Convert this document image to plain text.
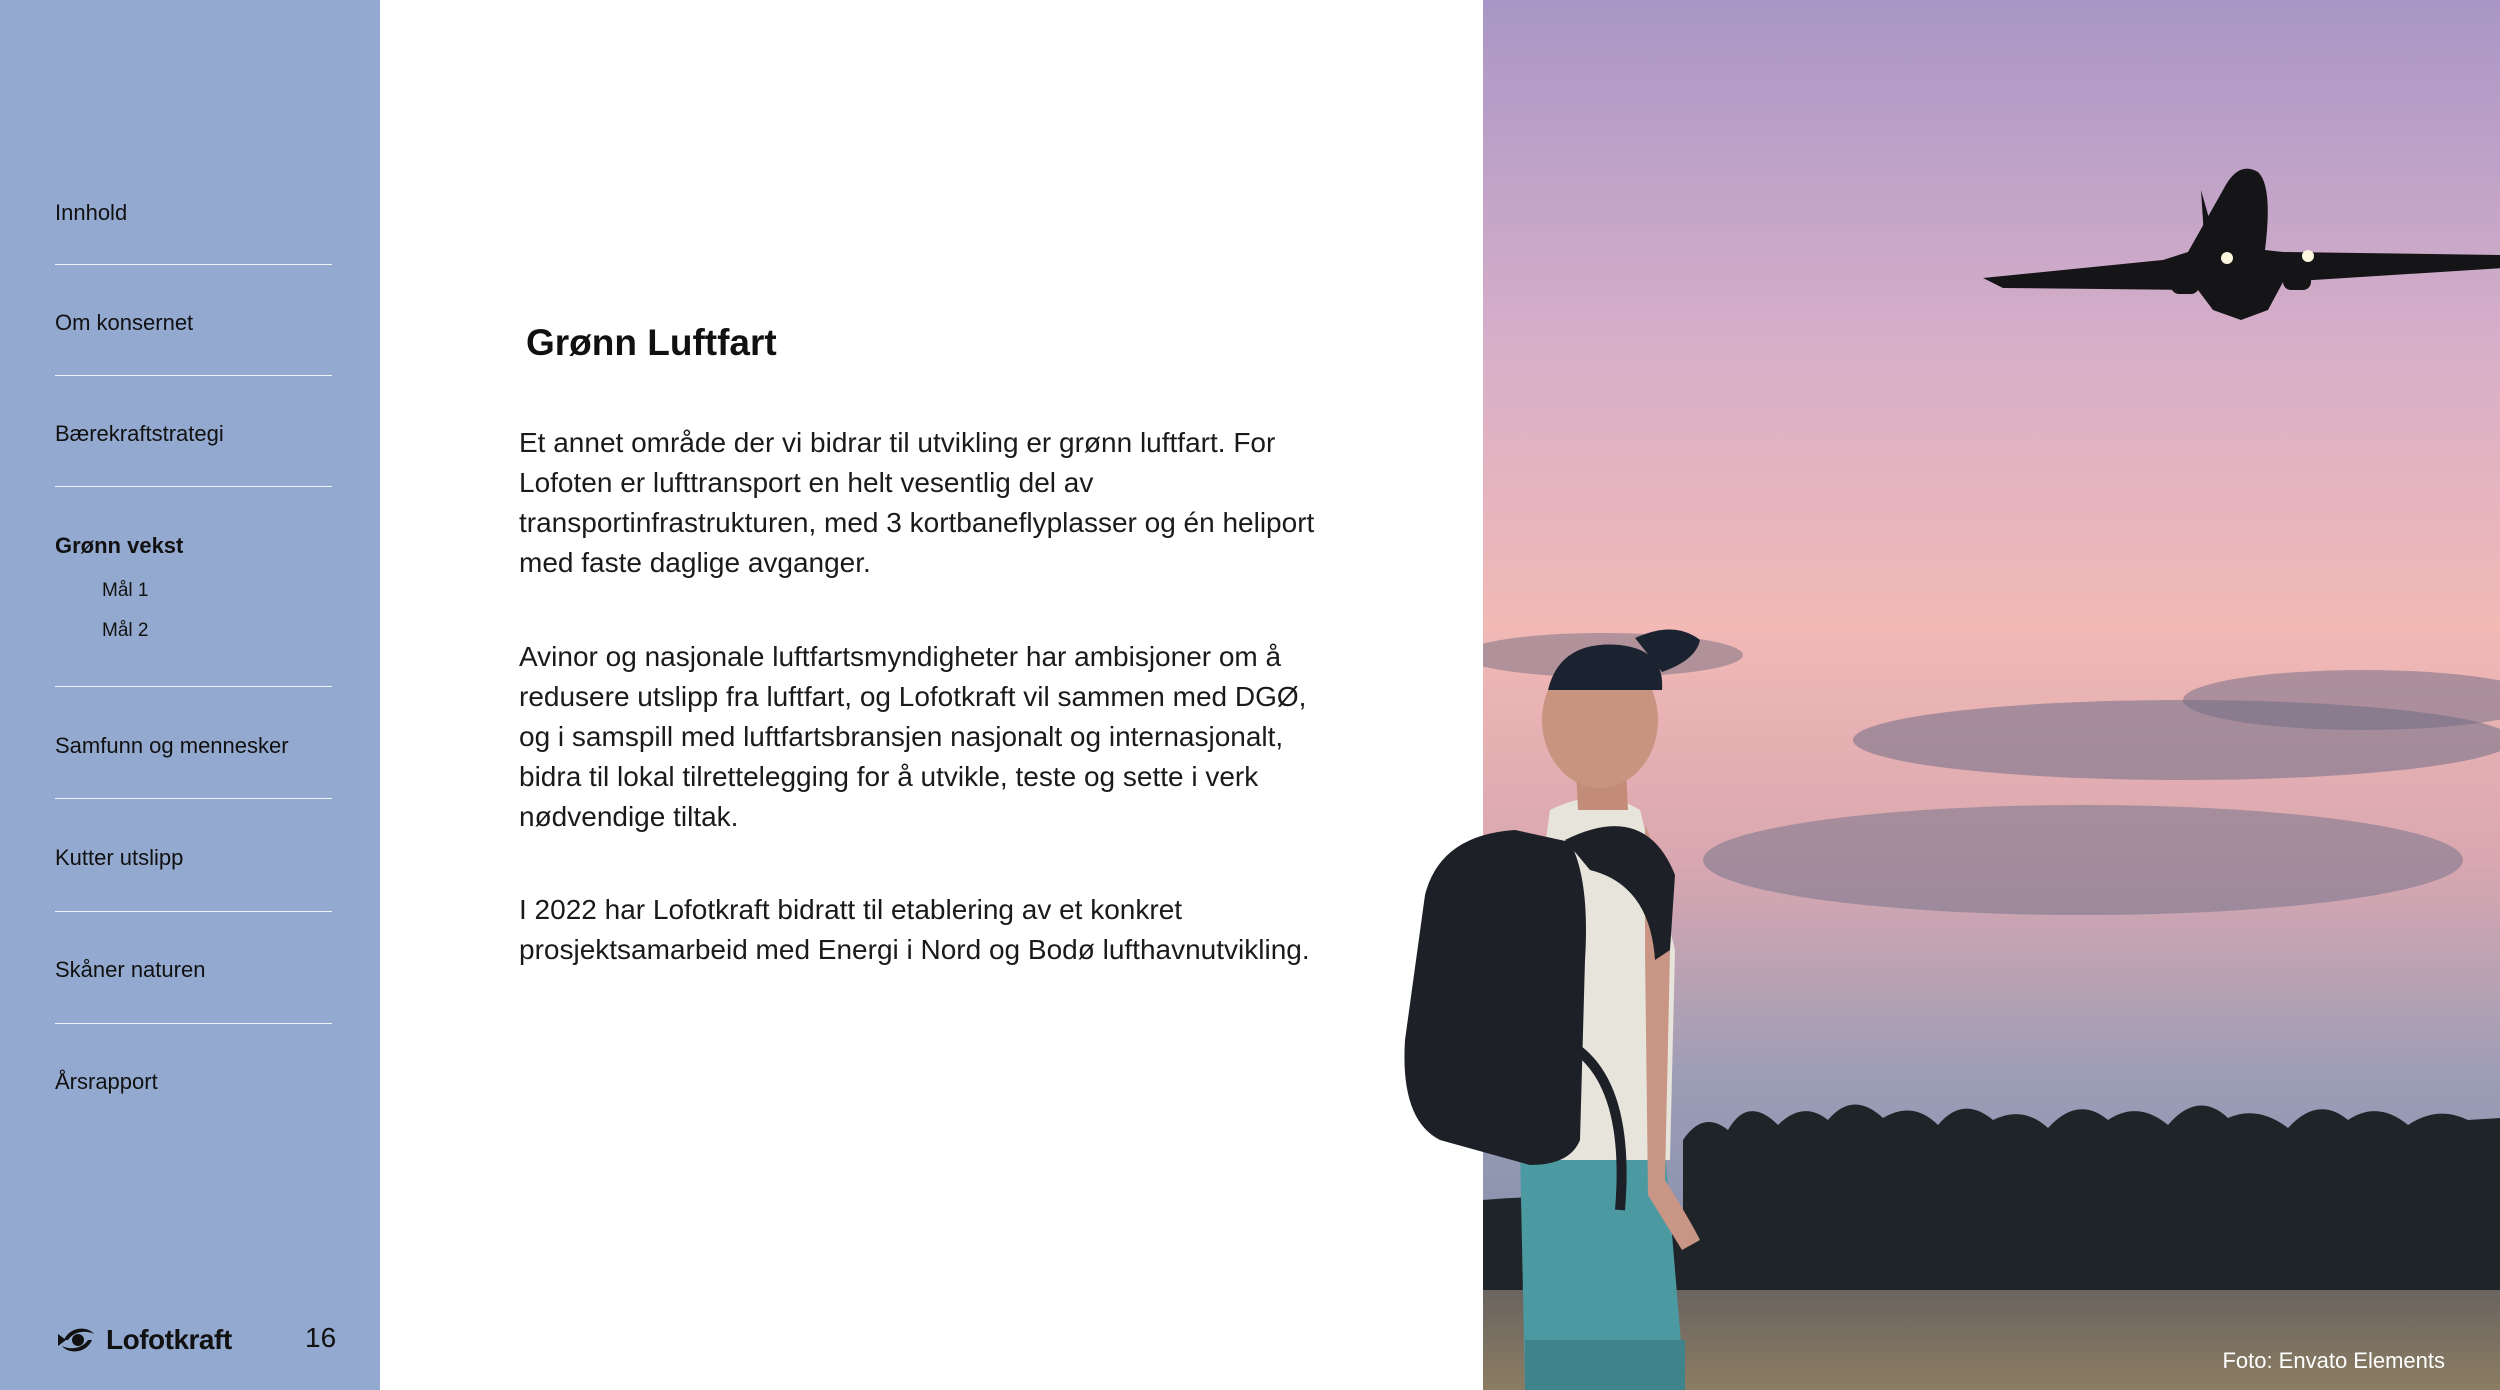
Innhold
Om konsernet
Bærekraftstrategi
Grønn vekst
Mål 1
Mål 2
Samfunn og mennesker
Kutter utslipp
Skåner naturen
Årsrapport
Lofotkraft	16
Grønn Luftfart

Et annet område der vi bidrar til utvikling er grønn luftfart. For Lofoten er lufttransport en helt vesentlig del av transportinfrastrukturen, med 3 kortbaneflyplasser og én heliport med faste daglige avganger.

Avinor og nasjonale luftfartsmyndigheter har ambisjoner om å redusere utslipp fra luftfart, og Lofotkraft vil sammen med DGØ, og i samspill med luftfartsbransjen nasjonalt og internasjonalt, bidra til lokal tilrettelegging for å utvikle, teste og sette i verk nødvendige tiltak.

I 2022 har Lofotkraft bidratt til etablering av et konkret prosjektsamarbeid med Energi i Nord og Bodø lufthavnutvikling.

Foto: Envato Elements
